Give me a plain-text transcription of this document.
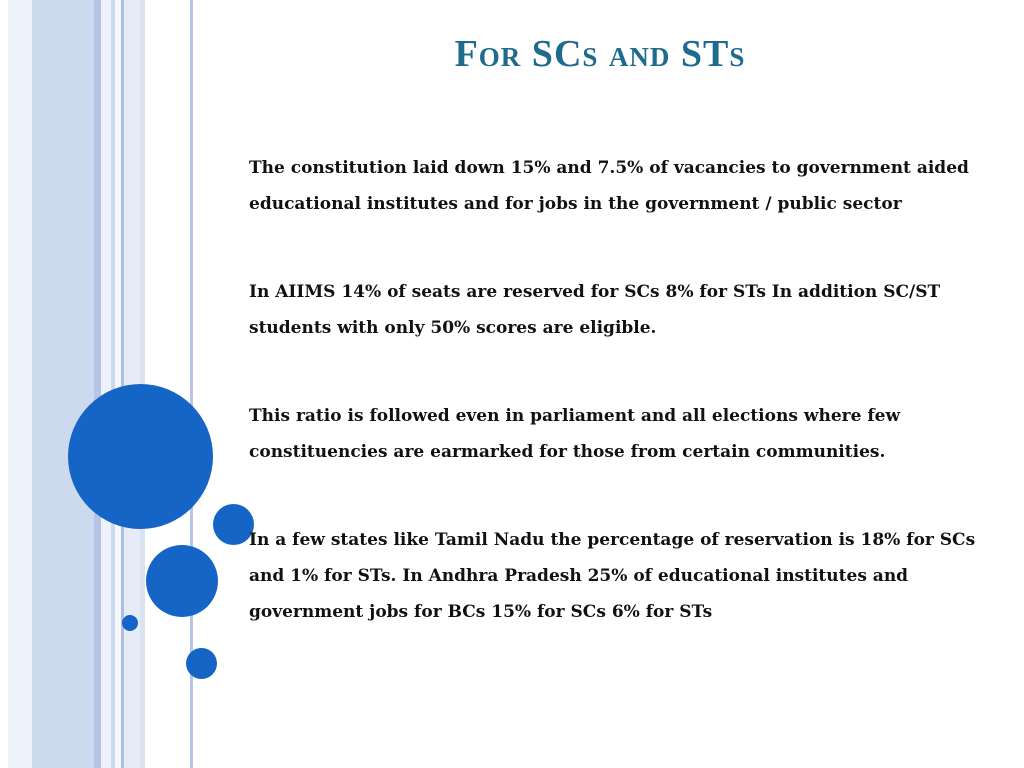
For SCs and STs

The constitution laid down 15% and 7.5% of vacancies to government aided educational institutes and for jobs in the government / public sector

In AIIMS 14% of seats are reserved for SCs 8% for STs In addition SC/ST students with only 50% scores are eligible.

This ratio is followed even in parliament and all elections where few constituencies are earmarked for those from certain communities.

In a few states like Tamil Nadu the percentage of reservation is 18% for SCs and 1% for STs. In Andhra Pradesh 25% of educational institutes and government jobs for BCs 15% for SCs 6% for STs
